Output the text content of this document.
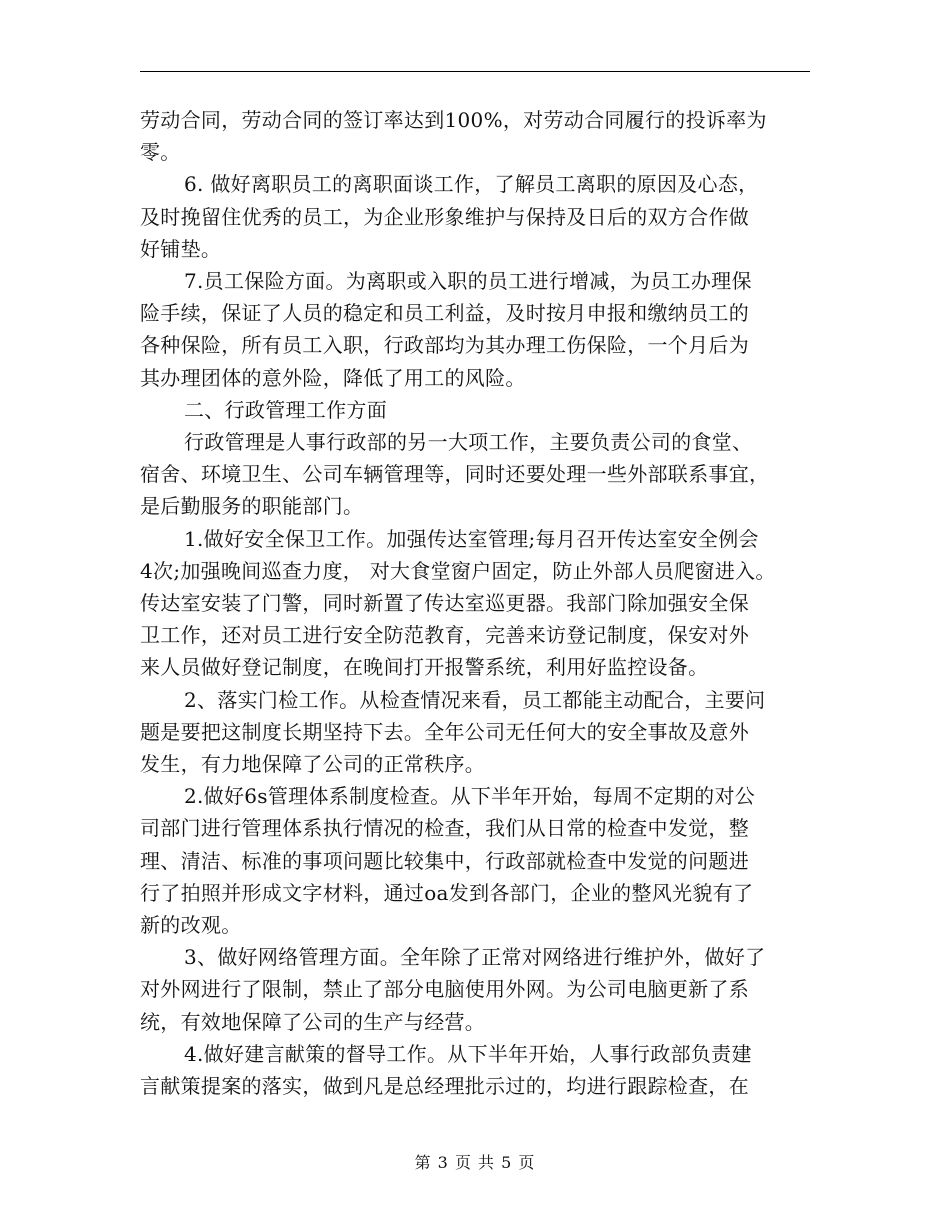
劳动合同，劳动合同的签订率达到100%，对劳动合同履行的投诉率为
零。

6. 做好离职员工的离职面谈工作，了解员工离职的原因及心态，
及时挽留住优秀的员工，为企业形象维护与保持及日后的双方合作做
好铺垫。

7.员工保险方面。为离职或入职的员工进行增减，为员工办理保
险手续，保证了人员的稳定和员工利益，及时按月申报和缴纳员工的
各种保险，所有员工入职，行政部均为其办理工伤保险，一个月后为
其办理团体的意外险，降低了用工的风险。

二、行政管理工作方面

行政管理是人事行政部的另一大项工作，主要负责公司的食堂、
宿舍、环境卫生、公司车辆管理等，同时还要处理一些外部联系事宜，
是后勤服务的职能部门。

1.做好安全保卫工作。加强传达室管理;每月召开传达室安全例会
4次;加强晚间巡查力度， 对大食堂窗户固定，防止外部人员爬窗进入。
传达室安装了门警，同时新置了传达室巡更器。我部门除加强安全保
卫工作，还对员工进行安全防范教育，完善来访登记制度，保安对外
来人员做好登记制度，在晚间打开报警系统，利用好监控设备。

2、落实门检工作。从检查情况来看，员工都能主动配合，主要问
题是要把这制度长期坚持下去。全年公司无任何大的安全事故及意外
发生，有力地保障了公司的正常秩序。

2.做好6s管理体系制度检查。从下半年开始，每周不定期的对公
司部门进行管理体系执行情况的检查，我们从日常的检查中发觉，整
理、清洁、标准的事项问题比较集中，行政部就检查中发觉的问题进
行了拍照并形成文字材料，通过oa发到各部门，企业的整风光貌有了
新的改观。

3、做好网络管理方面。全年除了正常对网络进行维护外，做好了
对外网进行了限制，禁止了部分电脑使用外网。为公司电脑更新了系
统，有效地保障了公司的生产与经营。

4.做好建言献策的督导工作。从下半年开始，人事行政部负责建
言献策提案的落实，做到凡是总经理批示过的，均进行跟踪检查，在

第 3 页 共 5 页
